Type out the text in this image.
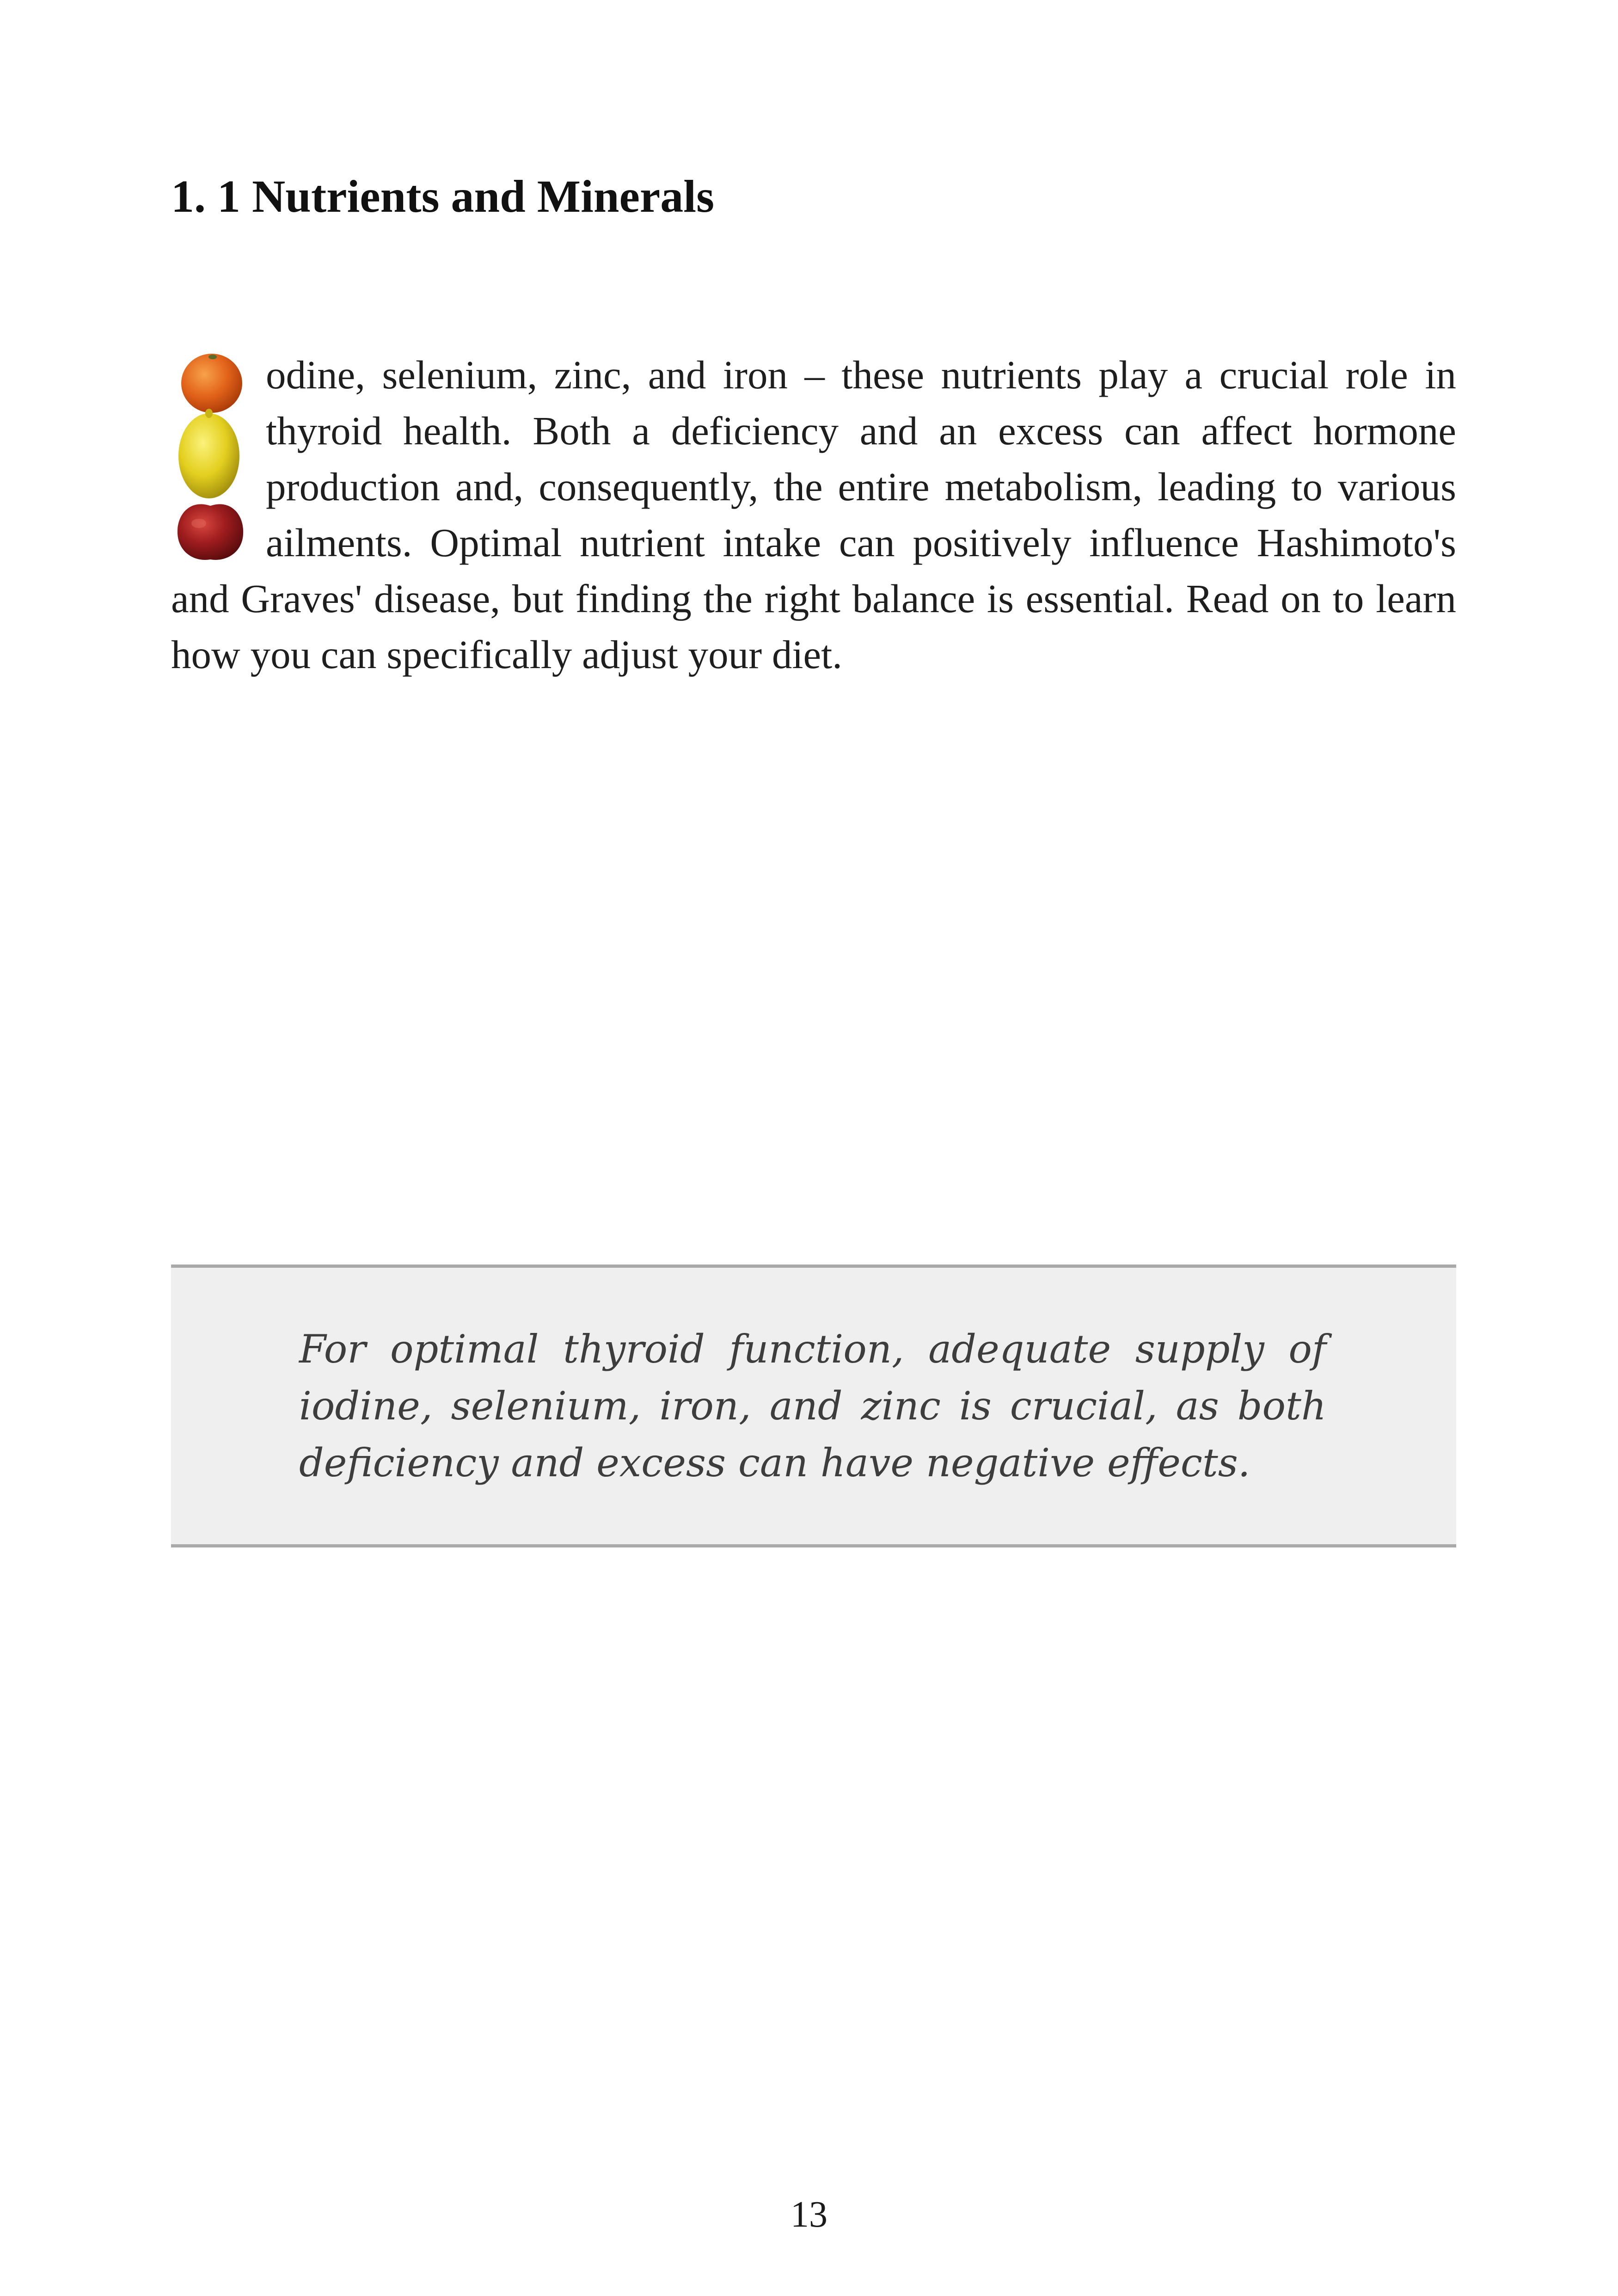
1. 1 Nutrients and Minerals

odine, selenium, zinc, and iron – these nutrients play a crucial role in thyroid health. Both a deficiency and an excess can affect hormone production and, consequently, the entire metabolism, leading to various ailments. Optimal nutrient intake can positively influence Hashimoto's and Graves' disease, but finding the right balance is essential. Read on to learn how you can specifically adjust your diet.

For optimal thyroid function, adequate supply of iodine, selenium, iron, and zinc is crucial, as both deficiency and excess can have negative effects.

13
